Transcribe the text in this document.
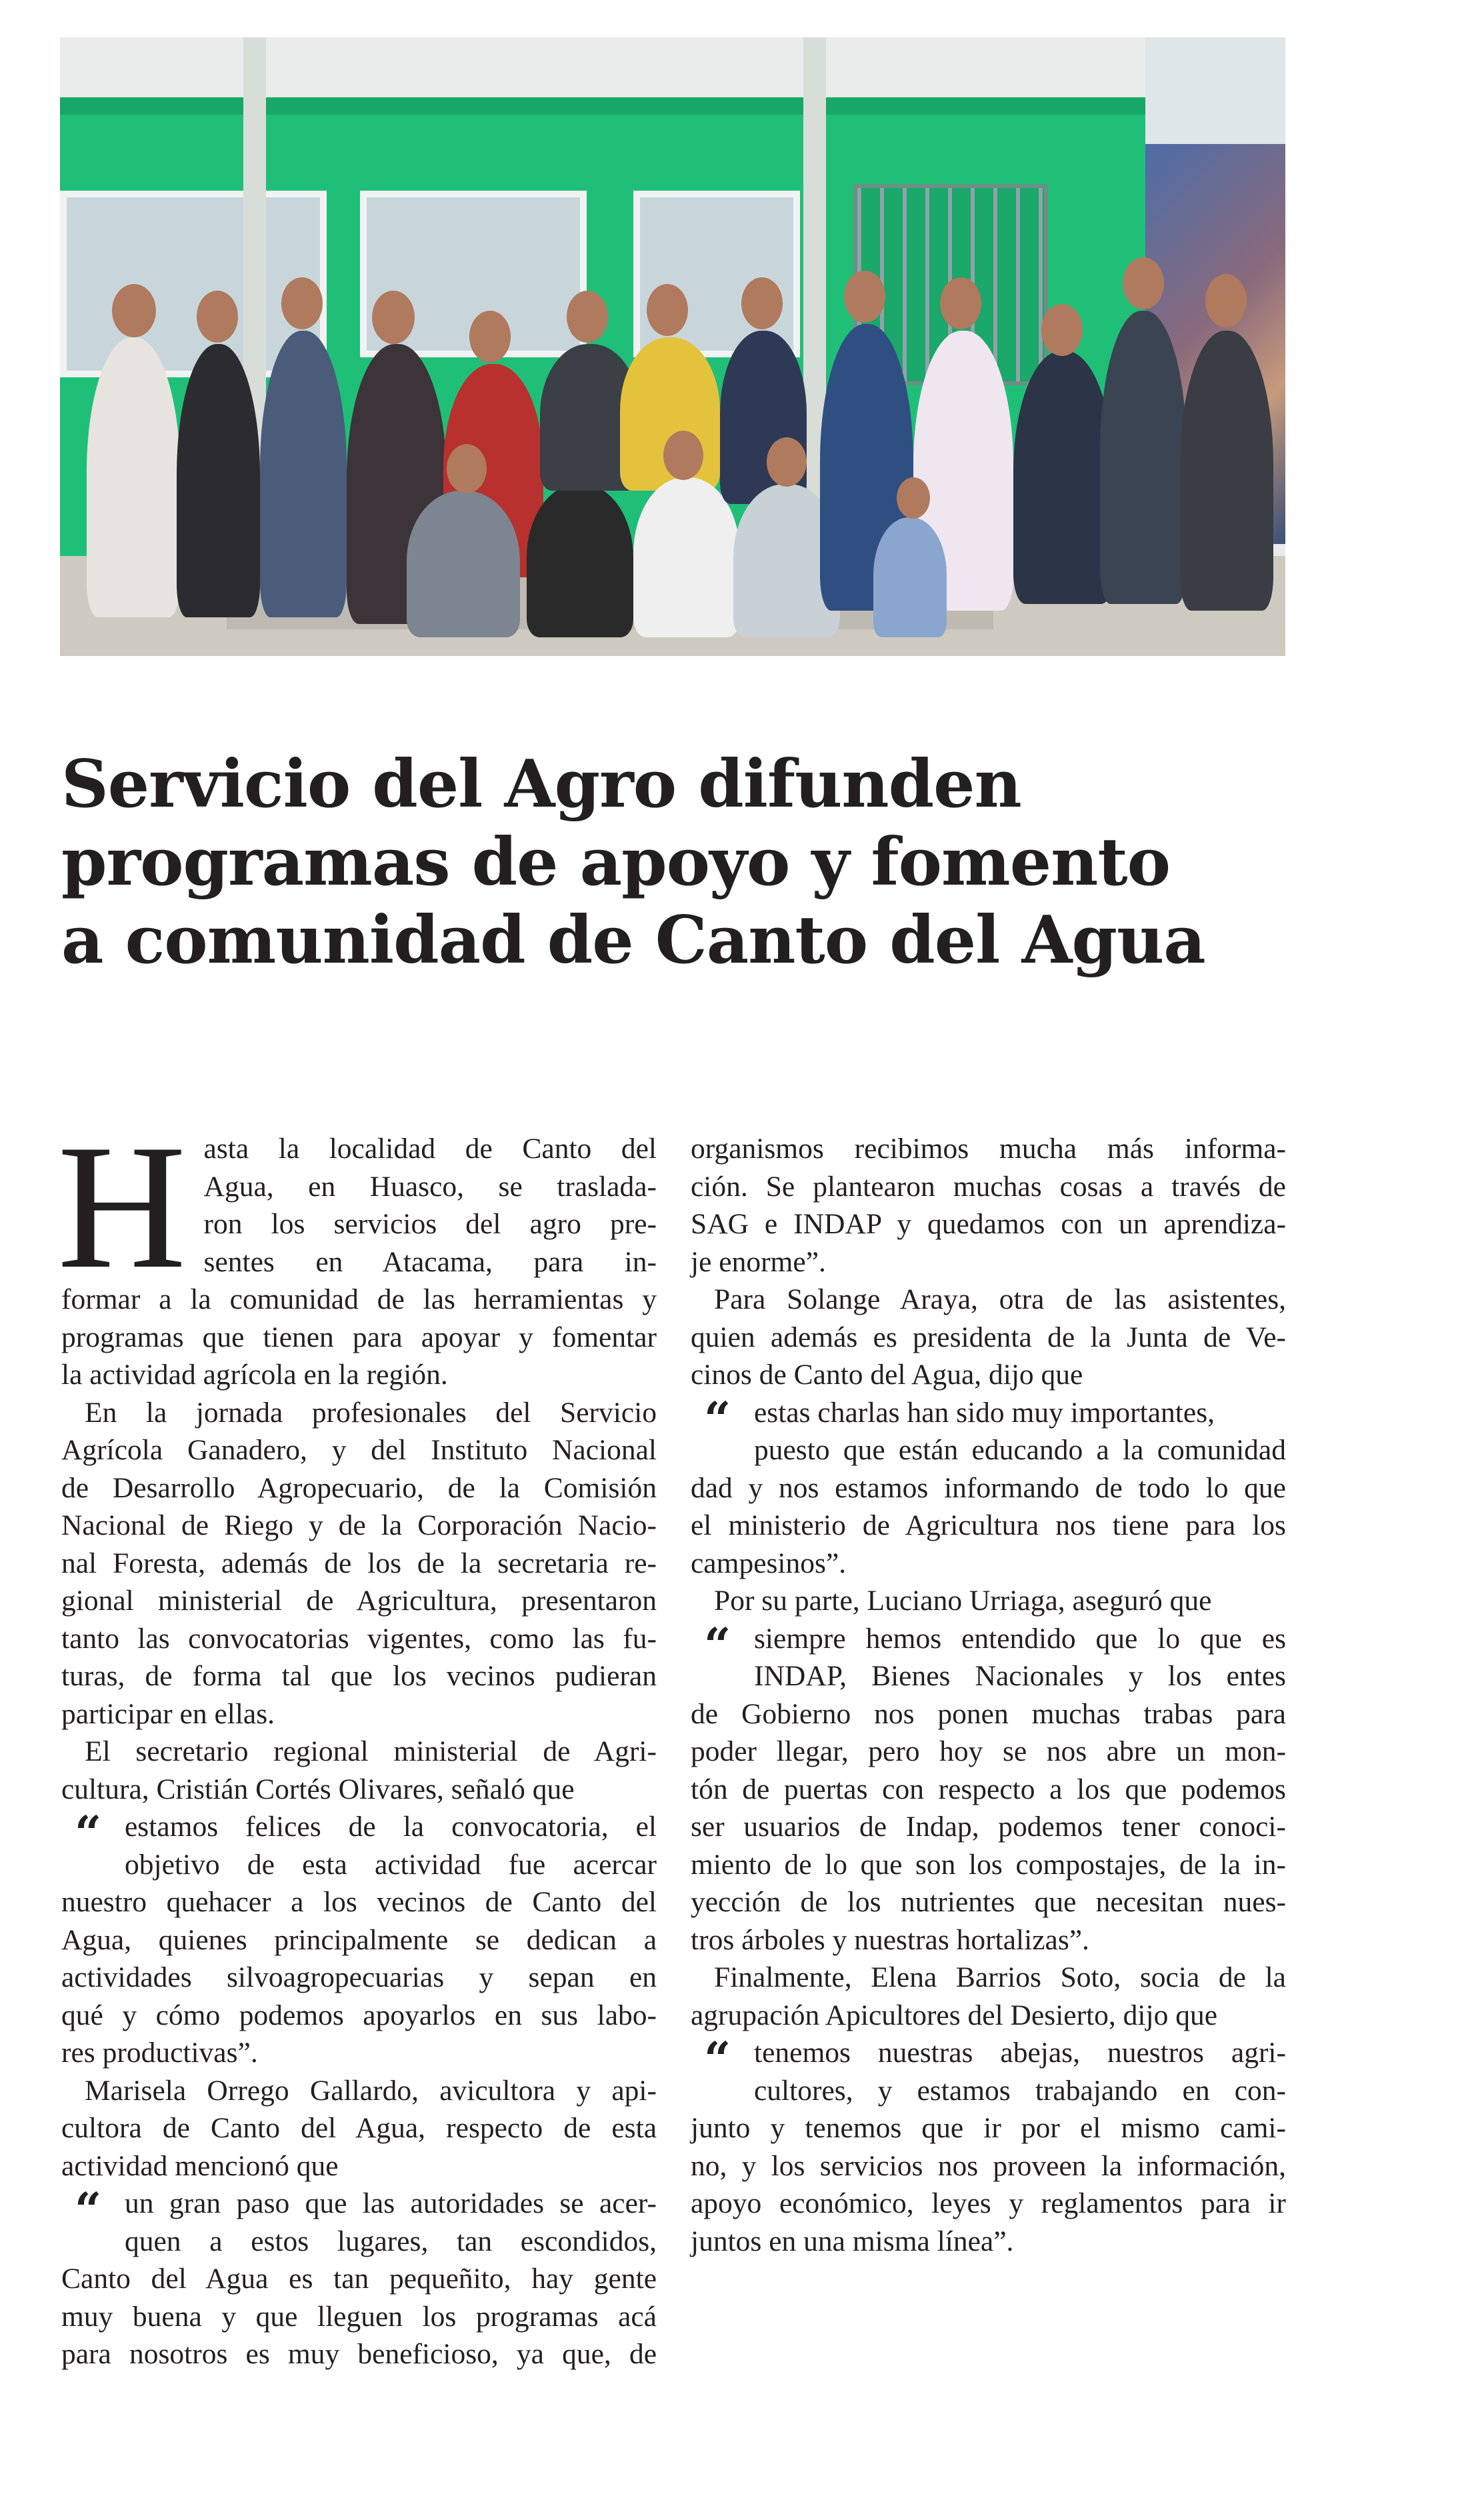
Servicio del Agro difunden
programas de apoyo y fomento
a comunidad de Canto del Agua
H asta la localidad de Canto del
Agua, en Huasco, se traslada-
ron los servicios del agro pre-
sentes en Atacama, para in-
formar a la comunidad de las herramientas y
programas que tienen para apoyar y fomentar
la actividad agrícola en la región.
En la jornada profesionales del Servicio
Agrícola Ganadero, y del Instituto Nacional
de Desarrollo Agropecuario, de la Comisión
Nacional de Riego y de la Corporación Nacio-
nal Foresta, además de los de la secretaria re-
gional ministerial de Agricultura, presentaron
tanto las convocatorias vigentes, como las fu-
turas, de forma tal que los vecinos pudieran
participar en ellas.
El secretario regional ministerial de Agri-
cultura, Cristián Cortés Olivares, señaló que
“ estamos felices de la convocatoria, el
objetivo de esta actividad fue acercar
nuestro quehacer a los vecinos de Canto del
Agua, quienes principalmente se dedican a
actividades silvoagropecuarias y sepan en
qué y cómo podemos apoyarlos en sus labo-
res productivas”.
Marisela Orrego Gallardo, avicultora y api-
cultora de Canto del Agua, respecto de esta
actividad mencionó que
“ un gran paso que las autoridades se acer-
quen a estos lugares, tan escondidos,
Canto del Agua es tan pequeñito, hay gente
muy buena y que lleguen los programas acá
para nosotros es muy beneficioso, ya que, de
organismos recibimos mucha más informa-
ción. Se plantearon muchas cosas a través de
SAG e INDAP y quedamos con un aprendiza-
je enorme”.
Para Solange Araya, otra de las asistentes,
quien además es presidenta de la Junta de Ve-
cinos de Canto del Agua, dijo que
“ estas charlas han sido muy importantes,
puesto que están educando a la comunidad
dad y nos estamos informando de todo lo que
el ministerio de Agricultura nos tiene para los
campesinos”.
Por su parte, Luciano Urriaga, aseguró que
“ siempre hemos entendido que lo que es
INDAP, Bienes Nacionales y los entes
de Gobierno nos ponen muchas trabas para
poder llegar, pero hoy se nos abre un mon-
tón de puertas con respecto a los que podemos
ser usuarios de Indap, podemos tener conoci-
miento de lo que son los compostajes, de la in-
yección de los nutrientes que necesitan nues-
tros árboles y nuestras hortalizas”.
Finalmente, Elena Barrios Soto, socia de la
agrupación Apicultores del Desierto, dijo que
“ tenemos nuestras abejas, nuestros agri-
cultores, y estamos trabajando en con-
junto y tenemos que ir por el mismo cami-
no, y los servicios nos proveen la información,
apoyo económico, leyes y reglamentos para ir
juntos en una misma línea”.
